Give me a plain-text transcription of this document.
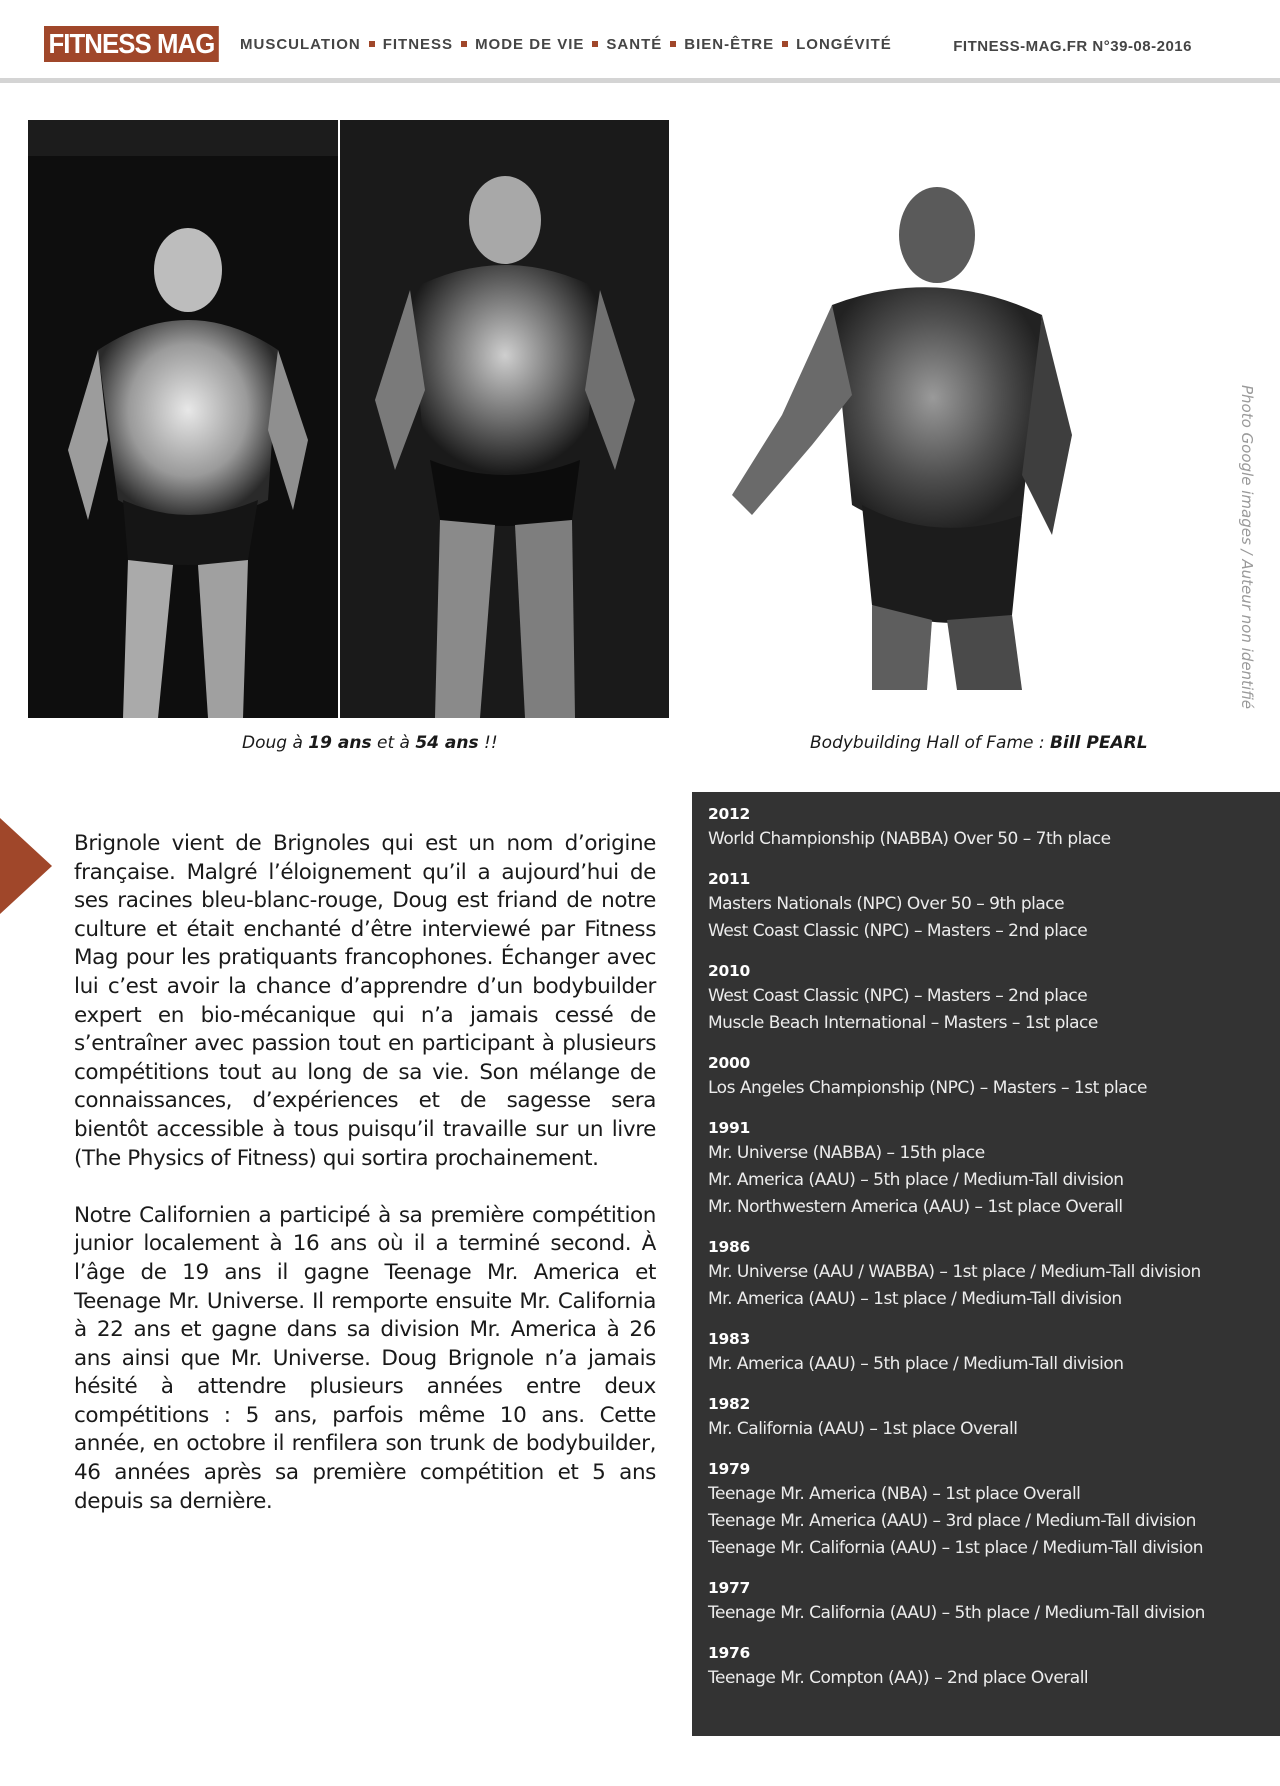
FITNESS MAG MUSCULATION FITNESS MODE DE VIE SANTÉ BIEN-ÊTRE LONGÉVITÉ	FITNESS-MAG.FR N°39-08-2016
Doug à 19 ans et à 54 ans !!	Bodybuilding Hall of Fame : Bill PEARL
Photo Google images / Auteur non identifié

Brignole vient de Brignoles qui est un nom d’origine française. Malgré l’éloignement qu’il a aujourd’hui de ses racines bleu-blanc-rouge, Doug est friand de notre culture et était enchanté d’être interviewé par Fitness Mag pour les pratiquants francophones. Échanger avec lui c’est avoir la chance d’apprendre d’un bodybuilder expert en bio-mécanique qui n’a jamais cessé de s’entraîner avec passion tout en participant à plusieurs compétitions tout au long de sa vie. Son mélange de connaissances, d’expériences et de sagesse sera bientôt accessible à tous puisqu’il travaille sur un livre (The Physics of Fitness) qui sortira prochainement.

Notre Californien a participé à sa première compétition junior localement à 16 ans où il a terminé second. À l’âge de 19 ans il gagne Teenage Mr. America et Teenage Mr. Universe. Il remporte ensuite Mr. California à 22 ans et gagne dans sa division Mr. America à 26 ans ainsi que Mr. Universe. Doug Brignole n’a jamais hésité à attendre plusieurs années entre deux compétitions : 5 ans, parfois même 10 ans. Cette année, en octobre il renfilera son trunk de bodybuilder, 46 années après sa première compétition et 5 ans depuis sa dernière.

2012
World Championship (NABBA) Over 50 – 7th place
2011
Masters Nationals (NPC) Over 50 – 9th place
West Coast Classic (NPC) – Masters – 2nd place
2010
West Coast Classic (NPC) – Masters – 2nd place
Muscle Beach International – Masters – 1st place
2000
Los Angeles Championship (NPC) – Masters – 1st place
1991
Mr. Universe (NABBA) – 15th place
Mr. America (AAU) – 5th place / Medium-Tall division
Mr. Northwestern America (AAU) – 1st place Overall
1986
Mr. Universe (AAU / WABBA) – 1st place / Medium-Tall division
Mr. America (AAU) – 1st place / Medium-Tall division
1983
Mr. America (AAU) – 5th place / Medium-Tall division
1982
Mr. California (AAU) – 1st place Overall
1979
Teenage Mr. America (NBA) – 1st place Overall
Teenage Mr. America (AAU) – 3rd place / Medium-Tall division
Teenage Mr. California (AAU) – 1st place / Medium-Tall division
1977
Teenage Mr. California (AAU) – 5th place / Medium-Tall division
1976
Teenage Mr. Compton (AA)) – 2nd place Overall
